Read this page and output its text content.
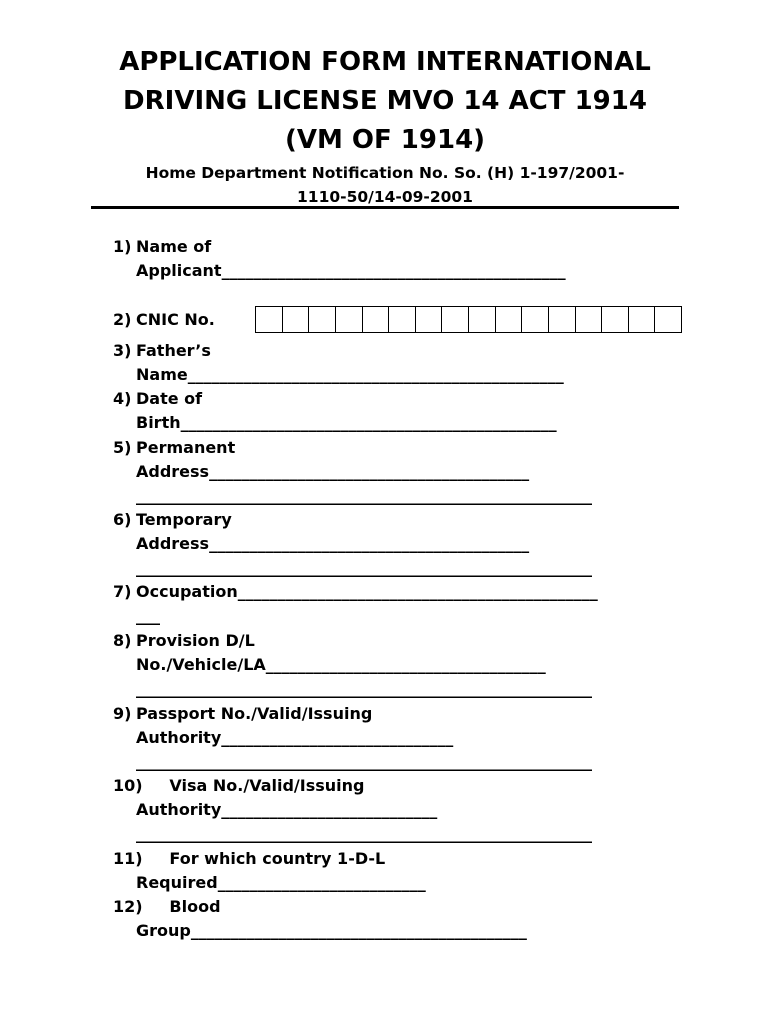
APPLICATION FORM INTERNATIONAL
DRIVING LICENSE MVO 14 ACT 1914
(VM OF 1914)

Home Department Notification No. So. (H) 1-197/2001-
1110-50/14-09-2001

1) Name of
Applicant___________________________________________
2) CNIC No.
3) Father’s
Name_______________________________________________
4) Date of
Birth_______________________________________________
5) Permanent
Address________________________________________
_________________________________________________________
6) Temporary
Address________________________________________
_________________________________________________________
7) Occupation_____________________________________________
___
8) Provision D/L
No./Vehicle/LA___________________________________
_________________________________________________________
9) Passport No./Valid/Issuing
Authority_____________________________
_________________________________________________________
10)
Visa No./Valid/Issuing
Authority___________________________
_________________________________________________________
11)
For which country 1-D-L
Required__________________________
12)
Blood
Group__________________________________________
